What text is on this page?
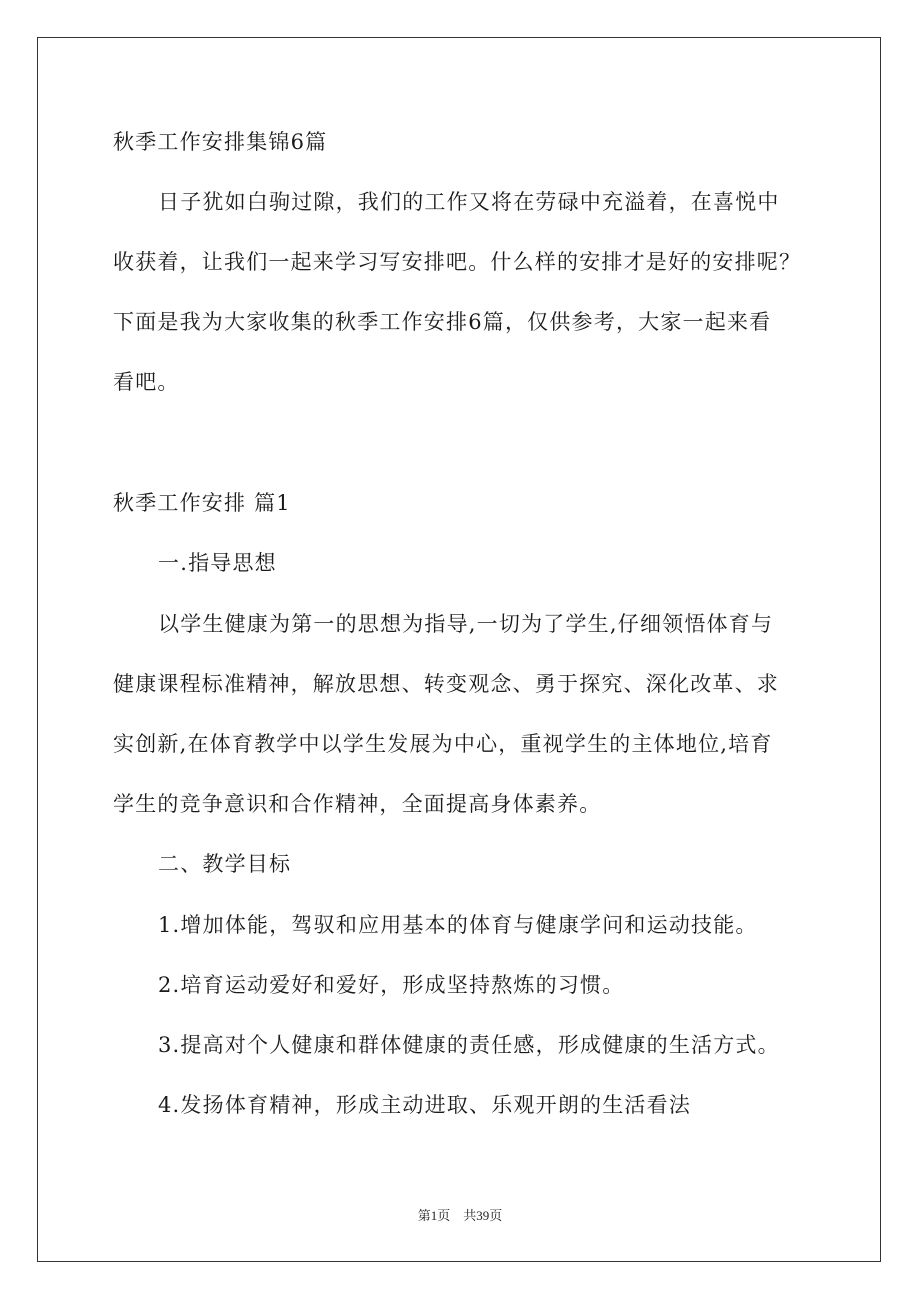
秋季工作安排集锦6篇
日子犹如白驹过隙，我们的工作又将在劳碌中充溢着，在喜悦中
收获着，让我们一起来学习写安排吧。什么样的安排才是好的安排呢？
下面是我为大家收集的秋季工作安排6篇，仅供参考，大家一起来看
看吧。
秋季工作安排 篇1
一.指导思想
以学生健康为第一的思想为指导,一切为了学生,仔细领悟体育与
健康课程标准精神，解放思想、转变观念、勇于探究、深化改革、求
实创新,在体育教学中以学生发展为中心，重视学生的主体地位,培育
学生的竞争意识和合作精神，全面提高身体素养。
二、教学目标
1.增加体能，驾驭和应用基本的体育与健康学问和运动技能。
2.培育运动爱好和爱好，形成坚持熬炼的习惯。
3.提高对个人健康和群体健康的责任感，形成健康的生活方式。
4.发扬体育精神，形成主动进取、乐观开朗的生活看法
第1页　共39页
